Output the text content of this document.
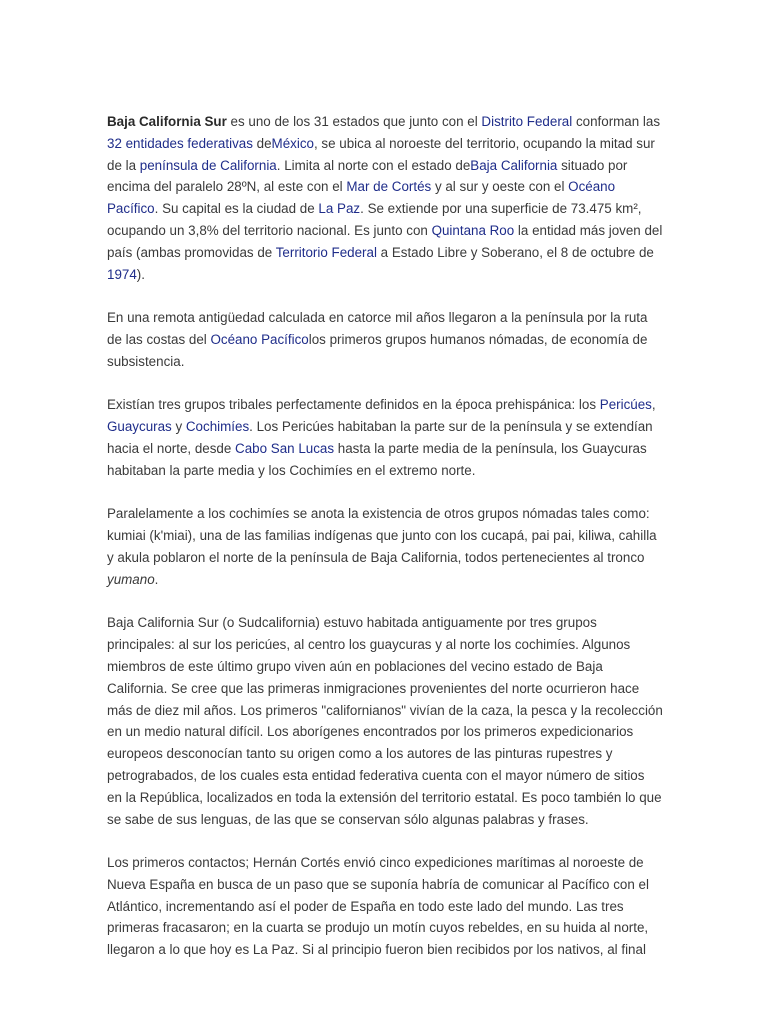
Baja California Sur es uno de los 31 estados que junto con el Distrito Federal conforman las 32 entidades federativas deMéxico, se ubica al noroeste del territorio, ocupando la mitad sur de la península de California. Limita al norte con el estado deBaja California situado por encima del paralelo 28ºN, al este con el Mar de Cortés y al sur y oeste con el Océano Pacífico. Su capital es la ciudad de La Paz. Se extiende por una superficie de 73.475 km², ocupando un 3,8% del territorio nacional. Es junto con Quintana Roo la entidad más joven del país (ambas promovidas de Territorio Federal a Estado Libre y Soberano, el 8 de octubre de 1974).

En una remota antigüedad calculada en catorce mil años llegaron a la península por la ruta de las costas del Océano Pacíficolos primeros grupos humanos nómadas, de economía de subsistencia.

Existían tres grupos tribales perfectamente definidos en la época prehispánica: los Pericúes, Guaycuras y Cochimíes. Los Pericúes habitaban la parte sur de la península y se extendían hacia el norte, desde Cabo San Lucas hasta la parte media de la península, los Guaycuras habitaban la parte media y los Cochimíes en el extremo norte.

Paralelamente a los cochimíes se anota la existencia de otros grupos nómadas tales como: kumiai (k'miai), una de las familias indígenas que junto con los cucapá, pai pai, kiliwa, cahilla y akula poblaron el norte de la península de Baja California, todos pertenecientes al tronco yumano.

Baja California Sur (o Sudcalifornia) estuvo habitada antiguamente por tres grupos principales: al sur los pericúes, al centro los guaycuras y al norte los cochimíes. Algunos miembros de este último grupo viven aún en poblaciones del vecino estado de Baja California. Se cree que las primeras inmigraciones provenientes del norte ocurrieron hace más de diez mil años. Los primeros "californianos" vivían de la caza, la pesca y la recolección en un medio natural difícil. Los aborígenes encontrados por los primeros expedicionarios europeos desconocían tanto su origen como a los autores de las pinturas rupestres y petrograbados, de los cuales esta entidad federativa cuenta con el mayor número de sitios en la República, localizados en toda la extensión del territorio estatal. Es poco también lo que se sabe de sus lenguas, de las que se conservan sólo algunas palabras y frases.

Los primeros contactos; Hernán Cortés envió cinco expediciones marítimas al noroeste de Nueva España en busca de un paso que se suponía habría de comunicar al Pacífico con el Atlántico, incrementando así el poder de España en todo este lado del mundo. Las tres primeras fracasaron; en la cuarta se produjo un motín cuyos rebeldes, en su huida al norte, llegaron a lo que hoy es La Paz. Si al principio fueron bien recibidos por los nativos, al final
